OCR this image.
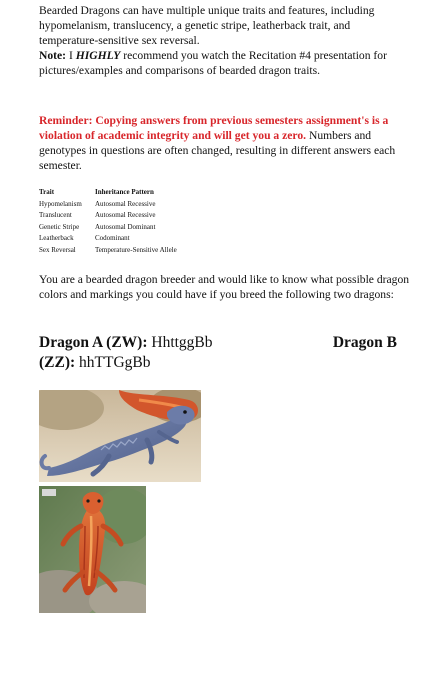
Bearded Dragons can have multiple unique traits and features, including hypomelanism, translucency, a genetic stripe, leatherback trait, and temperature-sensitive sex reversal.
Note: I HIGHLY recommend you watch the Recitation #4 presentation for pictures/examples and comparisons of bearded dragon traits.

Reminder: Copying answers from previous semesters assignment's is a violation of academic integrity and will get you a zero. Numbers and genotypes in questions are often changed, resulting in different answers each semester.

Trait	Inheritance Pattern
Hypomelanism	Autosomal Recessive
Translucent	Autosomal Recessive
Genetic Stripe	Autosomal Dominant
Leatherback	Codominant
Sex Reversal	Temperature-Sensitive Allele

You are a bearded dragon breeder and would like to know what possible dragon colors and markings you could have if you breed the following two dragons:

Dragon A (ZW): HhttggBb	Dragon B
(ZZ): hhTTGgBb
